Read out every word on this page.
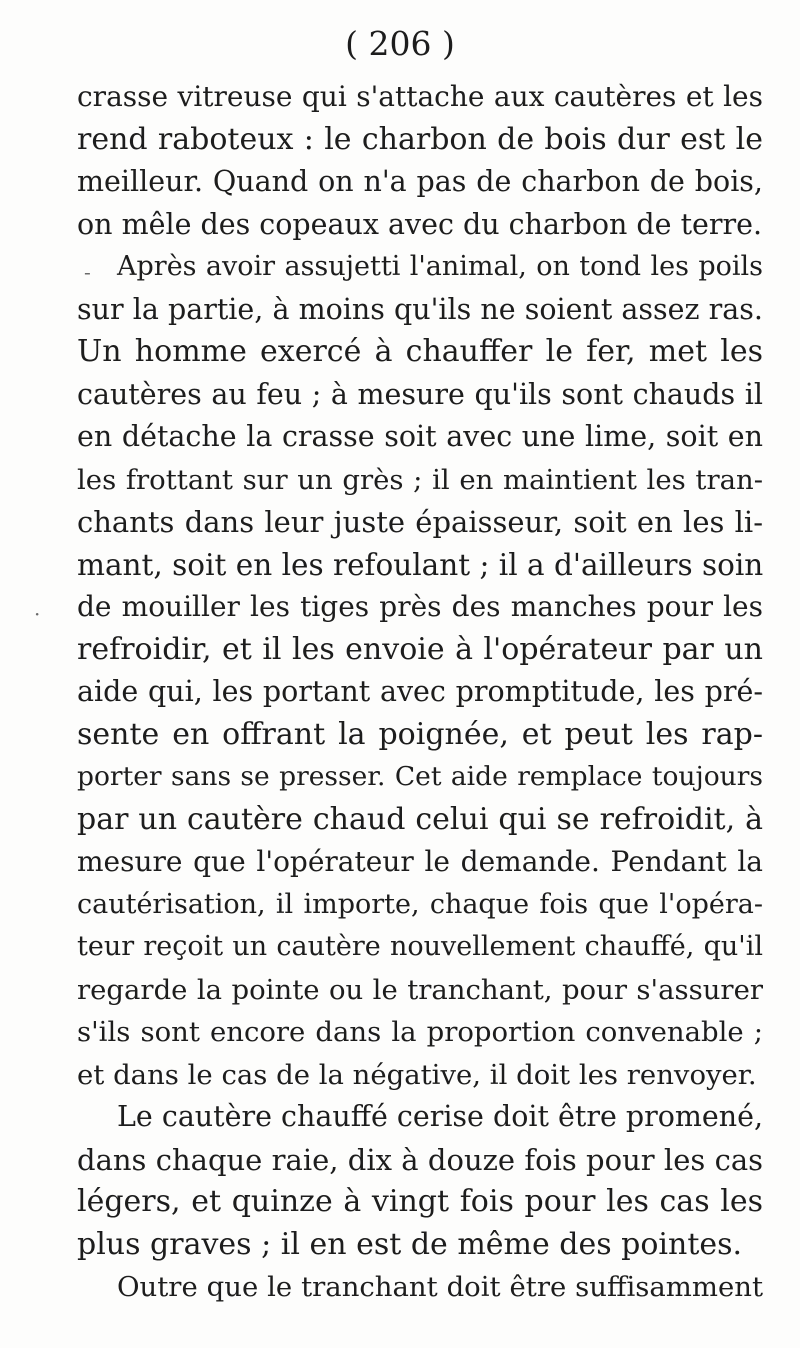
( 206 )
crasse vitreuse qui s'attache aux cautères et les
rend raboteux : le charbon de bois dur est le
meilleur. Quand on n'a pas de charbon de bois,
on mêle des copeaux avec du charbon de terre.
Après avoir assujetti l'animal, on tond les poils
sur la partie, à moins qu'ils ne soient assez ras.
Un homme exercé à chauffer le fer, met les
cautères au feu ; à mesure qu'ils sont chauds il
en détache la crasse soit avec une lime, soit en
les frottant sur un grès ; il en maintient les tran-
chants dans leur juste épaisseur, soit en les li-
mant, soit en les refoulant ; il a d'ailleurs soin
de mouiller les tiges près des manches pour les
refroidir, et il les envoie à l'opérateur par un
aide qui, les portant avec promptitude, les pré-
sente en offrant la poignée, et peut les rap-
porter sans se presser. Cet aide remplace toujours
par un cautère chaud celui qui se refroidit, à
mesure que l'opérateur le demande. Pendant la
cautérisation, il importe, chaque fois que l'opéra-
teur reçoit un cautère nouvellement chauffé, qu'il
regarde la pointe ou le tranchant, pour s'assurer
s'ils sont encore dans la proportion convenable ;
et dans le cas de la négative, il doit les renvoyer.
Le cautère chauffé cerise doit être promené,
dans chaque raie, dix à douze fois pour les cas
légers, et quinze à vingt fois pour les cas les
plus graves ; il en est de même des pointes.
Outre que le tranchant doit être suffisamment
-
·
